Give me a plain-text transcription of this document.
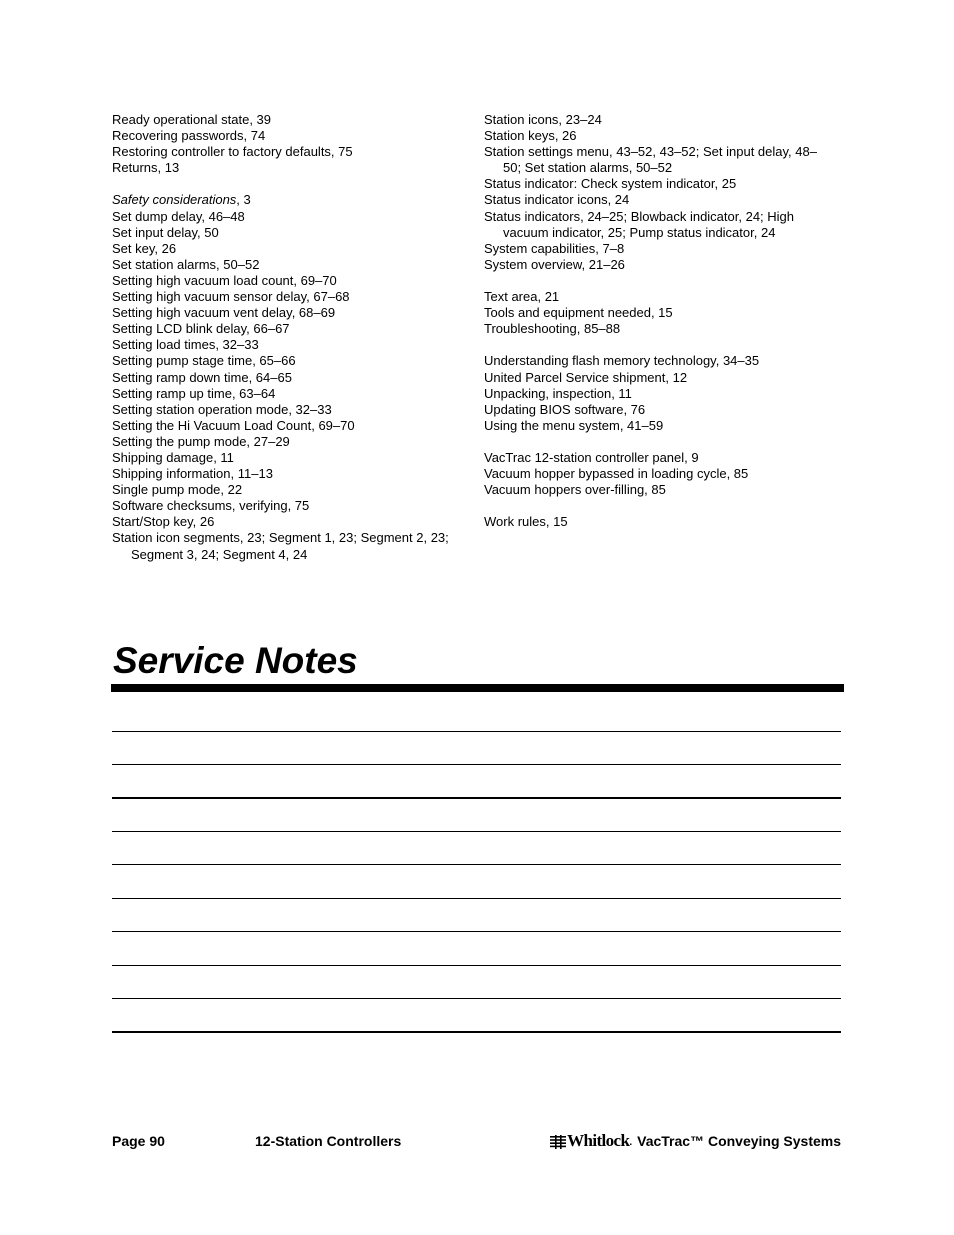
Ready operational state, 39
Recovering passwords, 74
Restoring controller to factory defaults, 75
Returns, 13
Safety considerations, 3
Set dump delay, 46–48
Set input delay, 50
Set key, 26
Set station alarms, 50–52
Setting high vacuum load count, 69–70
Setting high vacuum sensor delay, 67–68
Setting high vacuum vent delay, 68–69
Setting LCD blink delay, 66–67
Setting load times, 32–33
Setting pump stage time, 65–66
Setting ramp down time, 64–65
Setting ramp up time, 63–64
Setting station operation mode, 32–33
Setting the Hi Vacuum Load Count, 69–70
Setting the pump mode, 27–29
Shipping damage, 11
Shipping information, 11–13
Single pump mode, 22
Software checksums, verifying, 75
Start/Stop key, 26
Station icon segments, 23; Segment 1, 23; Segment 2, 23; Segment 3, 24; Segment 4, 24
Station icons, 23–24
Station keys, 26
Station settings menu, 43–52, 43–52; Set input delay, 48–50; Set station alarms, 50–52
Status indicator: Check system indicator, 25
Status indicator icons, 24
Status indicators, 24–25; Blowback indicator, 24; High vacuum indicator, 25; Pump status indicator, 24
System capabilities, 7–8
System overview, 21–26
Text area, 21
Tools and equipment needed, 15
Troubleshooting, 85–88
Understanding flash memory technology, 34–35
United Parcel Service shipment, 12
Unpacking, inspection, 11
Updating BIOS software, 76
Using the menu system, 41–59
VacTrac 12-station controller panel, 9
Vacuum hopper bypassed in loading cycle, 85
Vacuum hoppers over-filling, 85
Work rules, 15
Service Notes
Page 90	12-Station Controllers	Whitlock . VacTrac™ Conveying Systems
